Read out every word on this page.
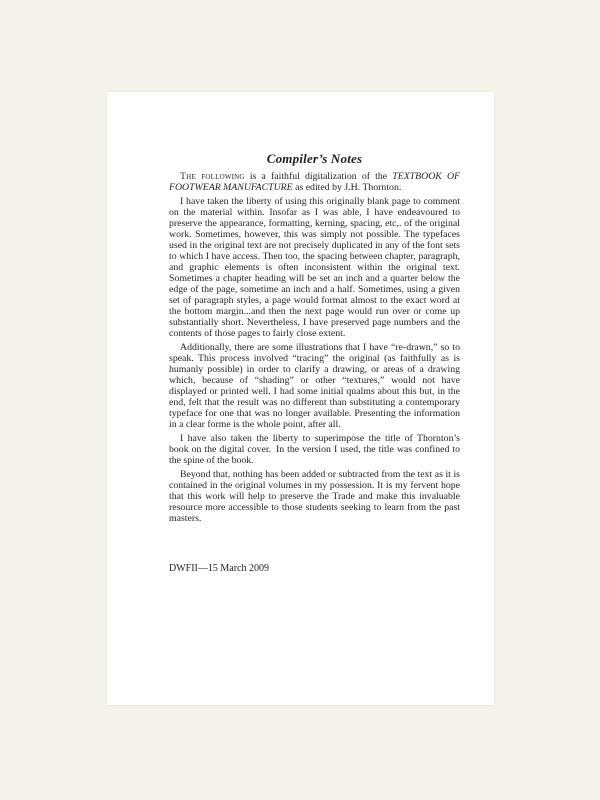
Compiler’s Notes

The following is a faithful digitalization of the TEXTBOOK OF FOOTWEAR MANUFACTURE as edited by J.H. Thornton.

I have taken the liberty of using this originally blank page to comment on the material within. Insofar as I was able, I have endeavoured to preserve the appearance, formatting, kerning, spacing, etc,. of the original work. Sometimes, however, this was simply not possible. The typefaces used in the original text are not precisely duplicated in any of the font sets to which I have access. Then too, the spacing between chapter, paragraph, and graphic elements is often inconsistent within the original text. Sometimes a chapter heading will be set an inch and a quarter below the edge of the page, sometime an inch and a half. Sometimes, using a given set of paragraph styles, a page would format almost to the exact word at the bottom margin...and then the next page would run over or come up substantially short. Nevertheless, I have preserved page numbers and the contents of those pages to fairly close extent.

Additionally, there are some illustrations that I have “re-drawn,” so to speak. This process involved “tracing” the original (as faithfully as is humanly possible) in order to clarify a drawing, or areas of a drawing which, because of “shading” or other “textures,” would not have displayed or printed well. I had some initial qualms about this but, in the end, felt that the result was no different than substituting a contemporary typeface for one that was no longer available. Presenting the information in a clear forme is the whole point, after all.

I have also taken the liberty to superimpose the title of Thornton’s book on the digital cover. In the version I used, the title was confined to the spine of the book.

Beyond that, nothing has been added or subtracted from the text as it is contained in the original volumes in my possession. It is my fervent hope that this work will help to preserve the Trade and make this invaluable resource more accessible to those students seeking to learn from the past masters.

DWFII—15 March 2009
